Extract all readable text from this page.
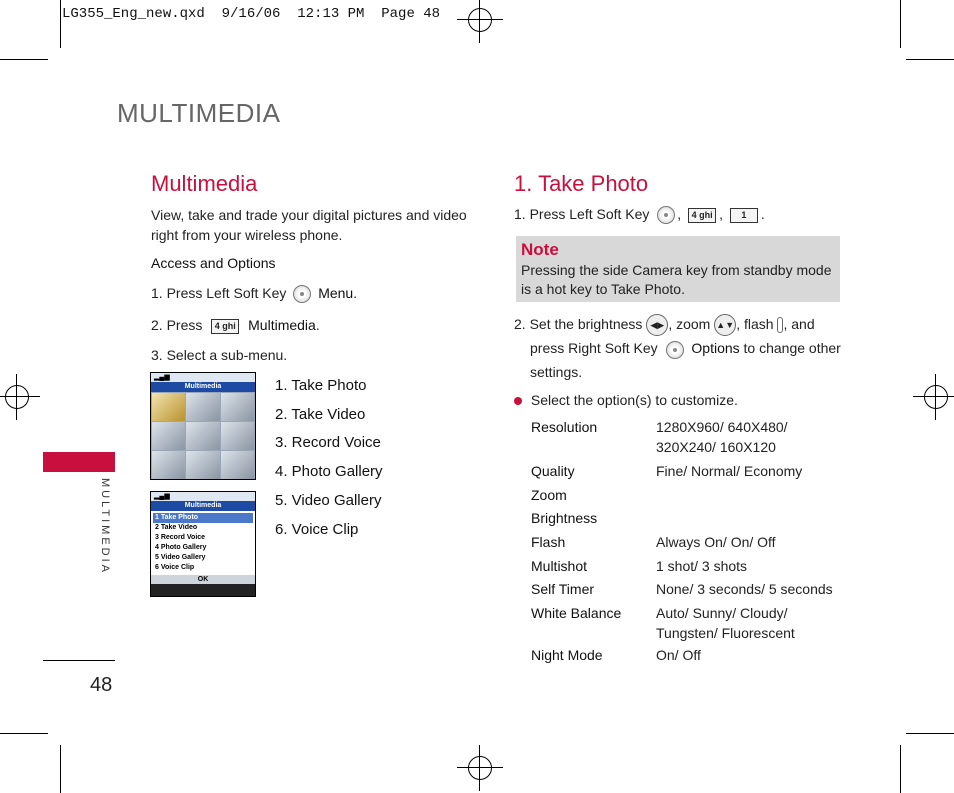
LG355_Eng_new.qxd  9/16/06  12:13 PM  Page 48
MULTIMEDIA
MULTIMEDIA
48
Multimedia
View, take and trade your digital pictures and video right from your wireless phone.
Access and Options
1. Press Left Soft Key Menu.
2. Press 4 ghi Multimedia.
3. Select a sub-menu.
▂▄▆
Multimedia
▂▄▆
Multimedia
1 Take Photo
2 Take Video
3 Record Voice
4 Photo Gallery
5 Video Gallery
6 Voice Clip
OK
1. Take Photo
2. Take Video
3. Record Voice
4. Photo Gallery
5. Video Gallery
6. Voice Clip
1. Take Photo
1. Press Left Soft Key , 4 ghi , 1 .
Note
Pressing the side Camera key from standby mode is a hot key to Take Photo.
2. Set the brightness ◀▶ , zoom ▲▼ , flash , and
press Right Soft Key Options to change other
settings.
Select the option(s) to customize.
Resolution	1280X960/ 640X480/ 320X240/ 160X120
Quality	Fine/ Normal/ Economy
Zoom
Brightness
Flash	Always On/ On/ Off
Multishot	1 shot/ 3 shots
Self Timer	None/ 3 seconds/ 5 seconds
White Balance	Auto/ Sunny/ Cloudy/ Tungsten/ Fluorescent
Night Mode	On/ Off
